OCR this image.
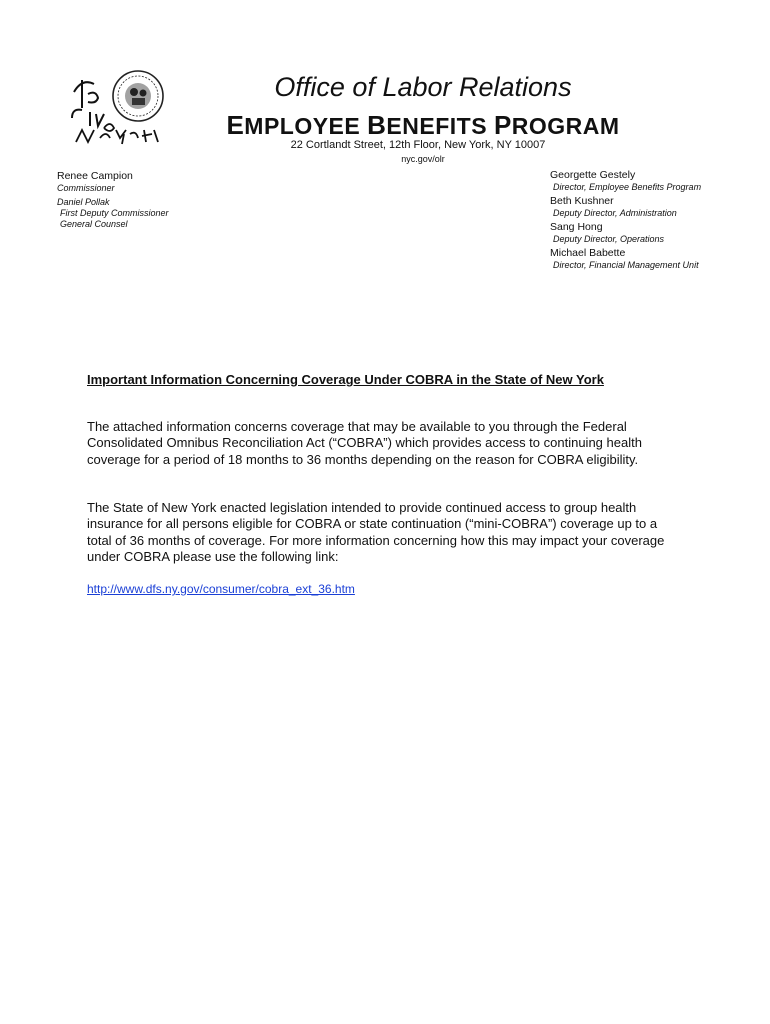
Office of Labor Relations
EMPLOYEE BENEFITS PROGRAM
22 Cortlandt Street, 12th Floor, New York, NY 10007
nyc.gov/olr

Renee Campion

Commissioner

Daniel Pollak

First Deputy Commissioner

General Counsel

Georgette Gestely

Director, Employee Benefits Program

Beth Kushner

Deputy Director, Administration

Sang Hong

Deputy Director, Operations

Michael Babette

Director, Financial Management Unit

Important Information Concerning Coverage Under COBRA in the State of New York

The attached information concerns coverage that may be available to you through the Federal Consolidated Omnibus Reconciliation Act (“COBRA”) which provides access to continuing health coverage for a period of 18 months to 36 months depending on the reason for COBRA eligibility.

The State of New York enacted legislation intended to provide continued access to group health insurance for all persons eligible for COBRA or state continuation (“mini-COBRA”) coverage up to a total of 36 months of coverage. For more information concerning how this may impact your coverage under COBRA please use the following link:

http://www.dfs.ny.gov/consumer/cobra_ext_36.htm
